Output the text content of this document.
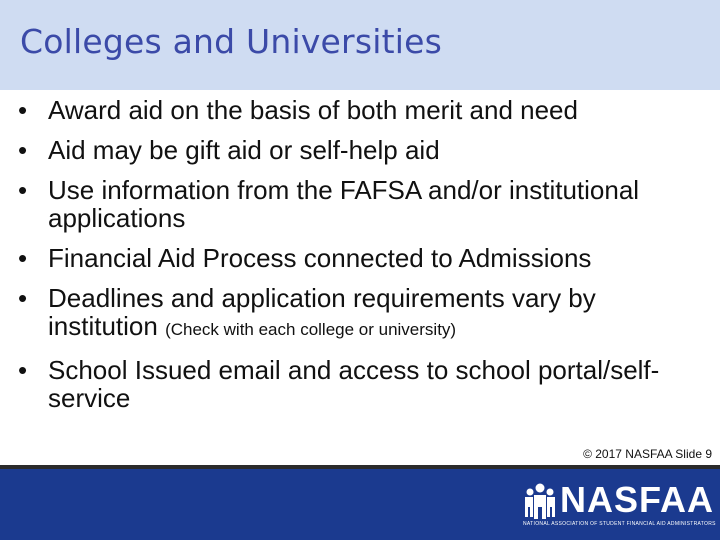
Colleges and Universities
• Award aid on the basis of both merit and need
• Aid may be gift aid or self-help aid
• Use information from the FAFSA and/or institutional applications
• Financial Aid Process connected to Admissions
• Deadlines and application requirements vary by institution (Check with each college or university)
• School Issued email and access to school portal/self-service
© 2017 NASFAA Slide 9
NASFAA
NATIONAL ASSOCIATION OF STUDENT FINANCIAL AID ADMINISTRATORS
